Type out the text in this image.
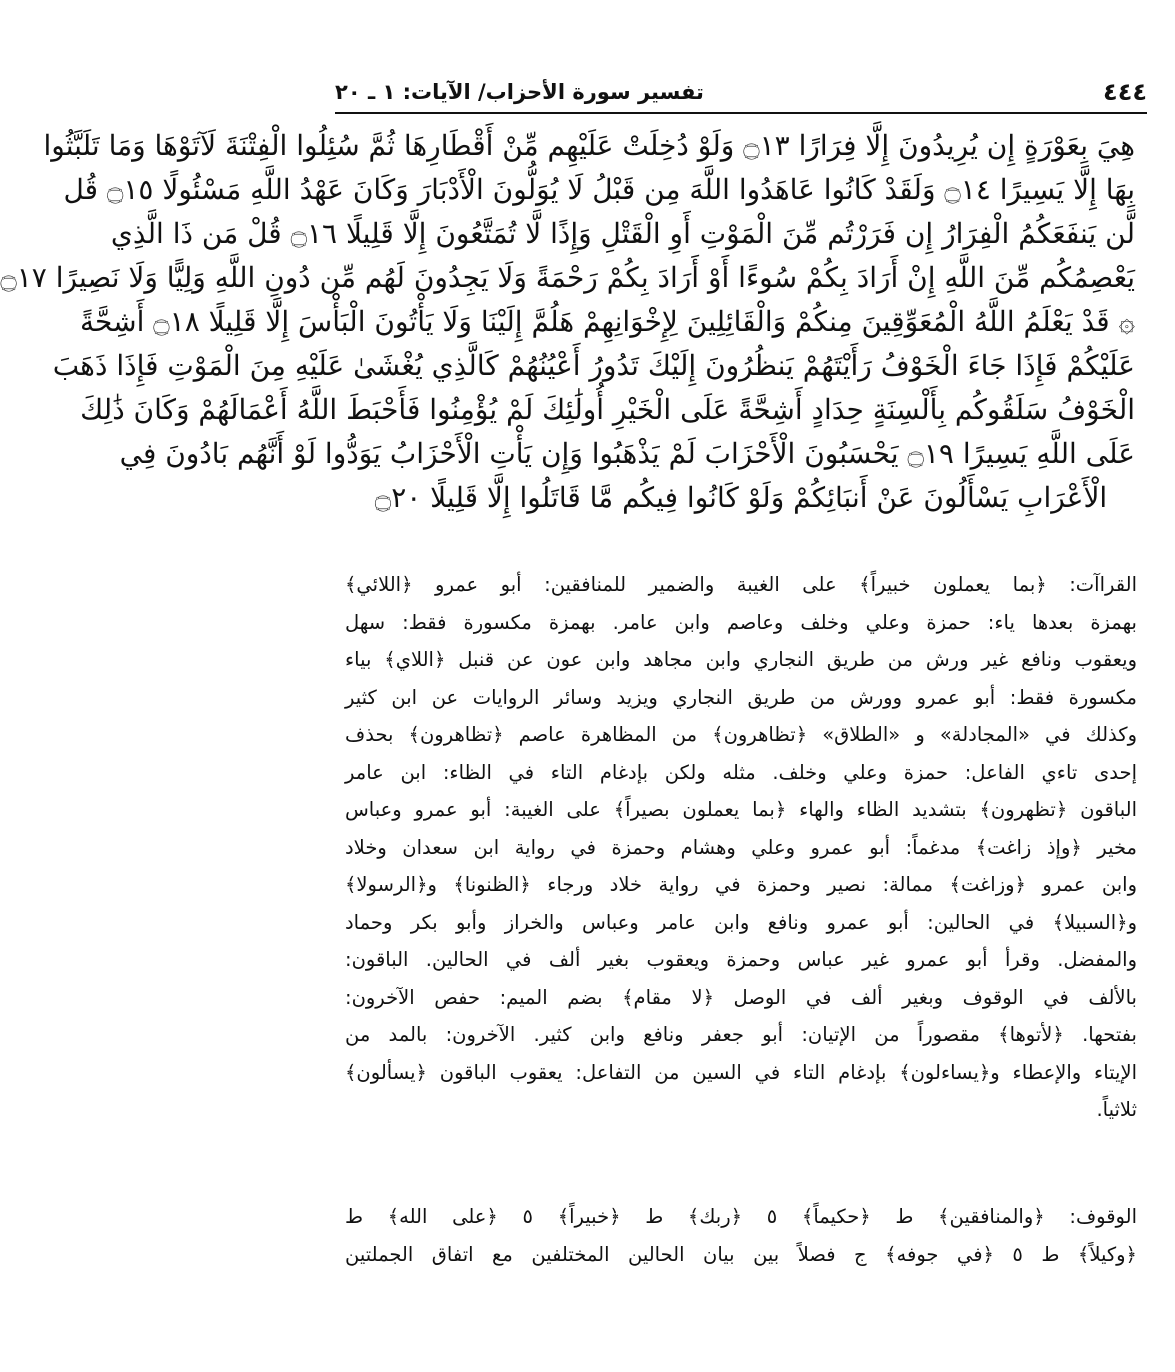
٤٤٤
تفسير سورة الأحزاب/ الآيات: ١ ـ ٢٠
هِيَ بِعَوْرَةٍ إِن يُرِيدُونَ إِلَّا فِرَارًا ۝١٣ وَلَوْ دُخِلَتْ عَلَيْهِم مِّنْ أَقْطَارِهَا ثُمَّ سُئِلُوا الْفِتْنَةَ لَآتَوْهَا وَمَا تَلَبَّثُوا
بِهَا إِلَّا يَسِيرًا ۝١٤ وَلَقَدْ كَانُوا عَاهَدُوا اللَّهَ مِن قَبْلُ لَا يُوَلُّونَ الْأَدْبَارَ وَكَانَ عَهْدُ اللَّهِ مَسْئُولًا ۝١٥ قُل
لَّن يَنفَعَكُمُ الْفِرَارُ إِن فَرَرْتُم مِّنَ الْمَوْتِ أَوِ الْقَتْلِ وَإِذًا لَّا تُمَتَّعُونَ إِلَّا قَلِيلًا ۝١٦ قُلْ مَن ذَا الَّذِي
يَعْصِمُكُم مِّنَ اللَّهِ إِنْ أَرَادَ بِكُمْ سُوءًا أَوْ أَرَادَ بِكُمْ رَحْمَةً وَلَا يَجِدُونَ لَهُم مِّن دُونِ اللَّهِ وَلِيًّا وَلَا نَصِيرًا ۝١٧
۞ قَدْ يَعْلَمُ اللَّهُ الْمُعَوِّقِينَ مِنكُمْ وَالْقَائِلِينَ لِإِخْوَانِهِمْ هَلُمَّ إِلَيْنَا وَلَا يَأْتُونَ الْبَأْسَ إِلَّا قَلِيلًا ۝١٨ أَشِحَّةً
عَلَيْكُمْ فَإِذَا جَاءَ الْخَوْفُ رَأَيْتَهُمْ يَنظُرُونَ إِلَيْكَ تَدُورُ أَعْيُنُهُمْ كَالَّذِي يُغْشَىٰ عَلَيْهِ مِنَ الْمَوْتِ فَإِذَا ذَهَبَ
الْخَوْفُ سَلَقُوكُم بِأَلْسِنَةٍ حِدَادٍ أَشِحَّةً عَلَى الْخَيْرِ أُولَٰئِكَ لَمْ يُؤْمِنُوا فَأَحْبَطَ اللَّهُ أَعْمَالَهُمْ وَكَانَ ذَٰلِكَ
عَلَى اللَّهِ يَسِيرًا ۝١٩ يَحْسَبُونَ الْأَحْزَابَ لَمْ يَذْهَبُوا وَإِن يَأْتِ الْأَحْزَابُ يَوَدُّوا لَوْ أَنَّهُم بَادُونَ فِي
الْأَعْرَابِ يَسْأَلُونَ عَنْ أَنبَائِكُمْ وَلَوْ كَانُوا فِيكُم مَّا قَاتَلُوا إِلَّا قَلِيلًا ۝٢٠
القراآت: ﴿بما يعملون خبيراً﴾ على الغيبة والضمير للمنافقين: أبو عمرو ﴿اللائي﴾
بهمزة بعدها ياء: حمزة وعلي وخلف وعاصم وابن عامر. بهمزة مكسورة فقط: سهل
ويعقوب ونافع غير ورش من طريق النجاري وابن مجاهد وابن عون عن قنبل ﴿اللاي﴾ بياء
مكسورة فقط: أبو عمرو وورش من طريق النجاري ويزيد وسائر الروايات عن ابن كثير
وكذلك في «المجادلة» و «الطلاق» ﴿تظاهرون﴾ من المظاهرة عاصم ﴿تظاهرون﴾ بحذف
إحدى تاءي الفاعل: حمزة وعلي وخلف. مثله ولكن بإدغام التاء في الظاء: ابن عامر
الباقون ﴿تظهرون﴾ بتشديد الظاء والهاء ﴿بما يعملون بصيراً﴾ على الغيبة: أبو عمرو وعباس
مخير ﴿وإذ زاغت﴾ مدغماً: أبو عمرو وعلي وهشام وحمزة في رواية ابن سعدان وخلاد
وابن عمرو ﴿وزاغت﴾ ممالة: نصير وحمزة في رواية خلاد ورجاء ﴿الظنونا﴾ و﴿الرسولا﴾
و﴿السبيلا﴾ في الحالين: أبو عمرو ونافع وابن عامر وعباس والخراز وأبو بكر وحماد
والمفضل. وقرأ أبو عمرو غير عباس وحمزة ويعقوب بغير ألف في الحالين. الباقون:
بالألف في الوقوف وبغير ألف في الوصل ﴿لا مقام﴾ بضم الميم: حفص الآخرون:
بفتحها. ﴿لأتوها﴾ مقصوراً من الإتيان: أبو جعفر ونافع وابن كثير. الآخرون: بالمد من
الإيتاء والإعطاء و﴿يساءلون﴾ بإدغام التاء في السين من التفاعل: يعقوب الباقون ﴿يسألون﴾
ثلاثياً.
الوقوف: ﴿والمنافقين﴾ ط ﴿حكيماً﴾ ٥ ﴿ربك﴾ ط ﴿خبيراً﴾ ٥ ﴿على الله﴾ ط
﴿وكيلاً﴾ ط ٥ ﴿في جوفه﴾ ج فصلاً بين بيان الحالين المختلفين مع اتفاق الجملتين
